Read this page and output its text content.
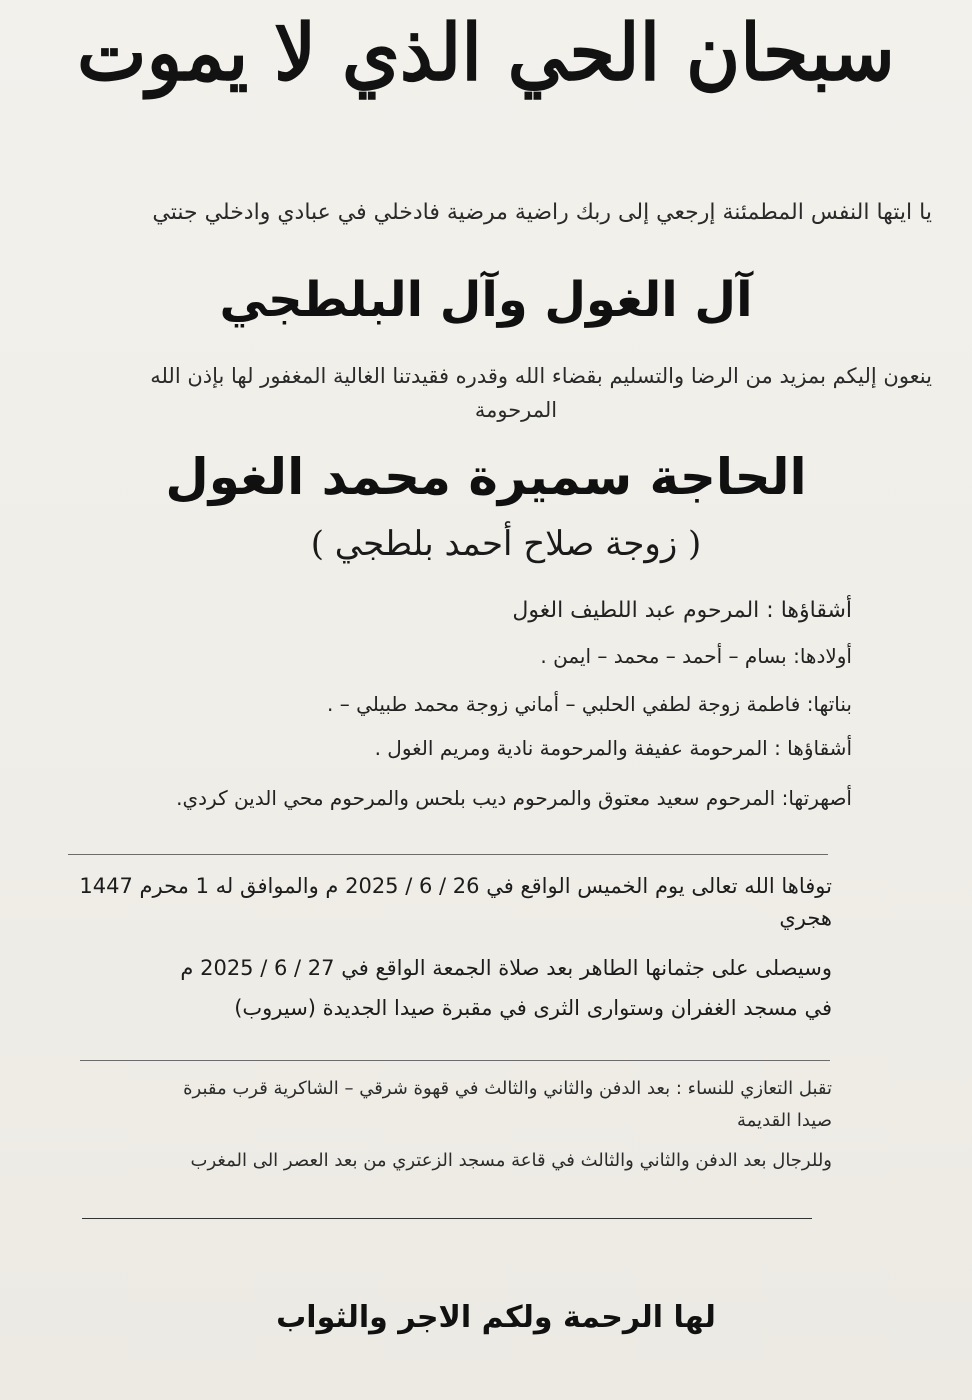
سبحان الحي الذي لا يموت
يا ايتها النفس المطمئنة إرجعي إلى ربك راضية مرضية فادخلي في عبادي وادخلي جنتي
آل الغول وآل البلطجي
ينعون إليكم بمزيد من الرضا والتسليم بقضاء الله وقدره فقيدتنا الغالية المغفور لها بإذن الله
المرحومة
الحاجة سميرة محمد الغول
( زوجة صلاح أحمد بلطجي )
أشقاؤها : المرحوم عبد اللطيف الغول
أولادها: بسام – أحمد – محمد – ايمن .
بناتها: فاطمة زوجة لطفي الحلبي – أماني زوجة محمد طبيلي – .
أشقاؤها : المرحومة عفيفة والمرحومة نادية ومريم الغول .
أصهرتها: المرحوم سعيد معتوق والمرحوم ديب بلحس والمرحوم محي الدين كردي.
توفاها الله تعالى يوم الخميس الواقع في 26 / 6 / 2025 م والموافق له 1 محرم 1447
هجري
وسيصلى على جثمانها الطاهر بعد صلاة الجمعة الواقع في 27 / 6 / 2025 م
في مسجد الغفران وستوارى الثرى في مقبرة صيدا الجديدة (سيروب)
تقبل التعازي للنساء : بعد الدفن والثاني والثالث في قهوة شرقي – الشاكرية قرب مقبرة
صيدا القديمة
وللرجال بعد الدفن والثاني والثالث في قاعة مسجد الزعتري من بعد العصر الى المغرب
لها الرحمة ولكم الاجر والثواب
